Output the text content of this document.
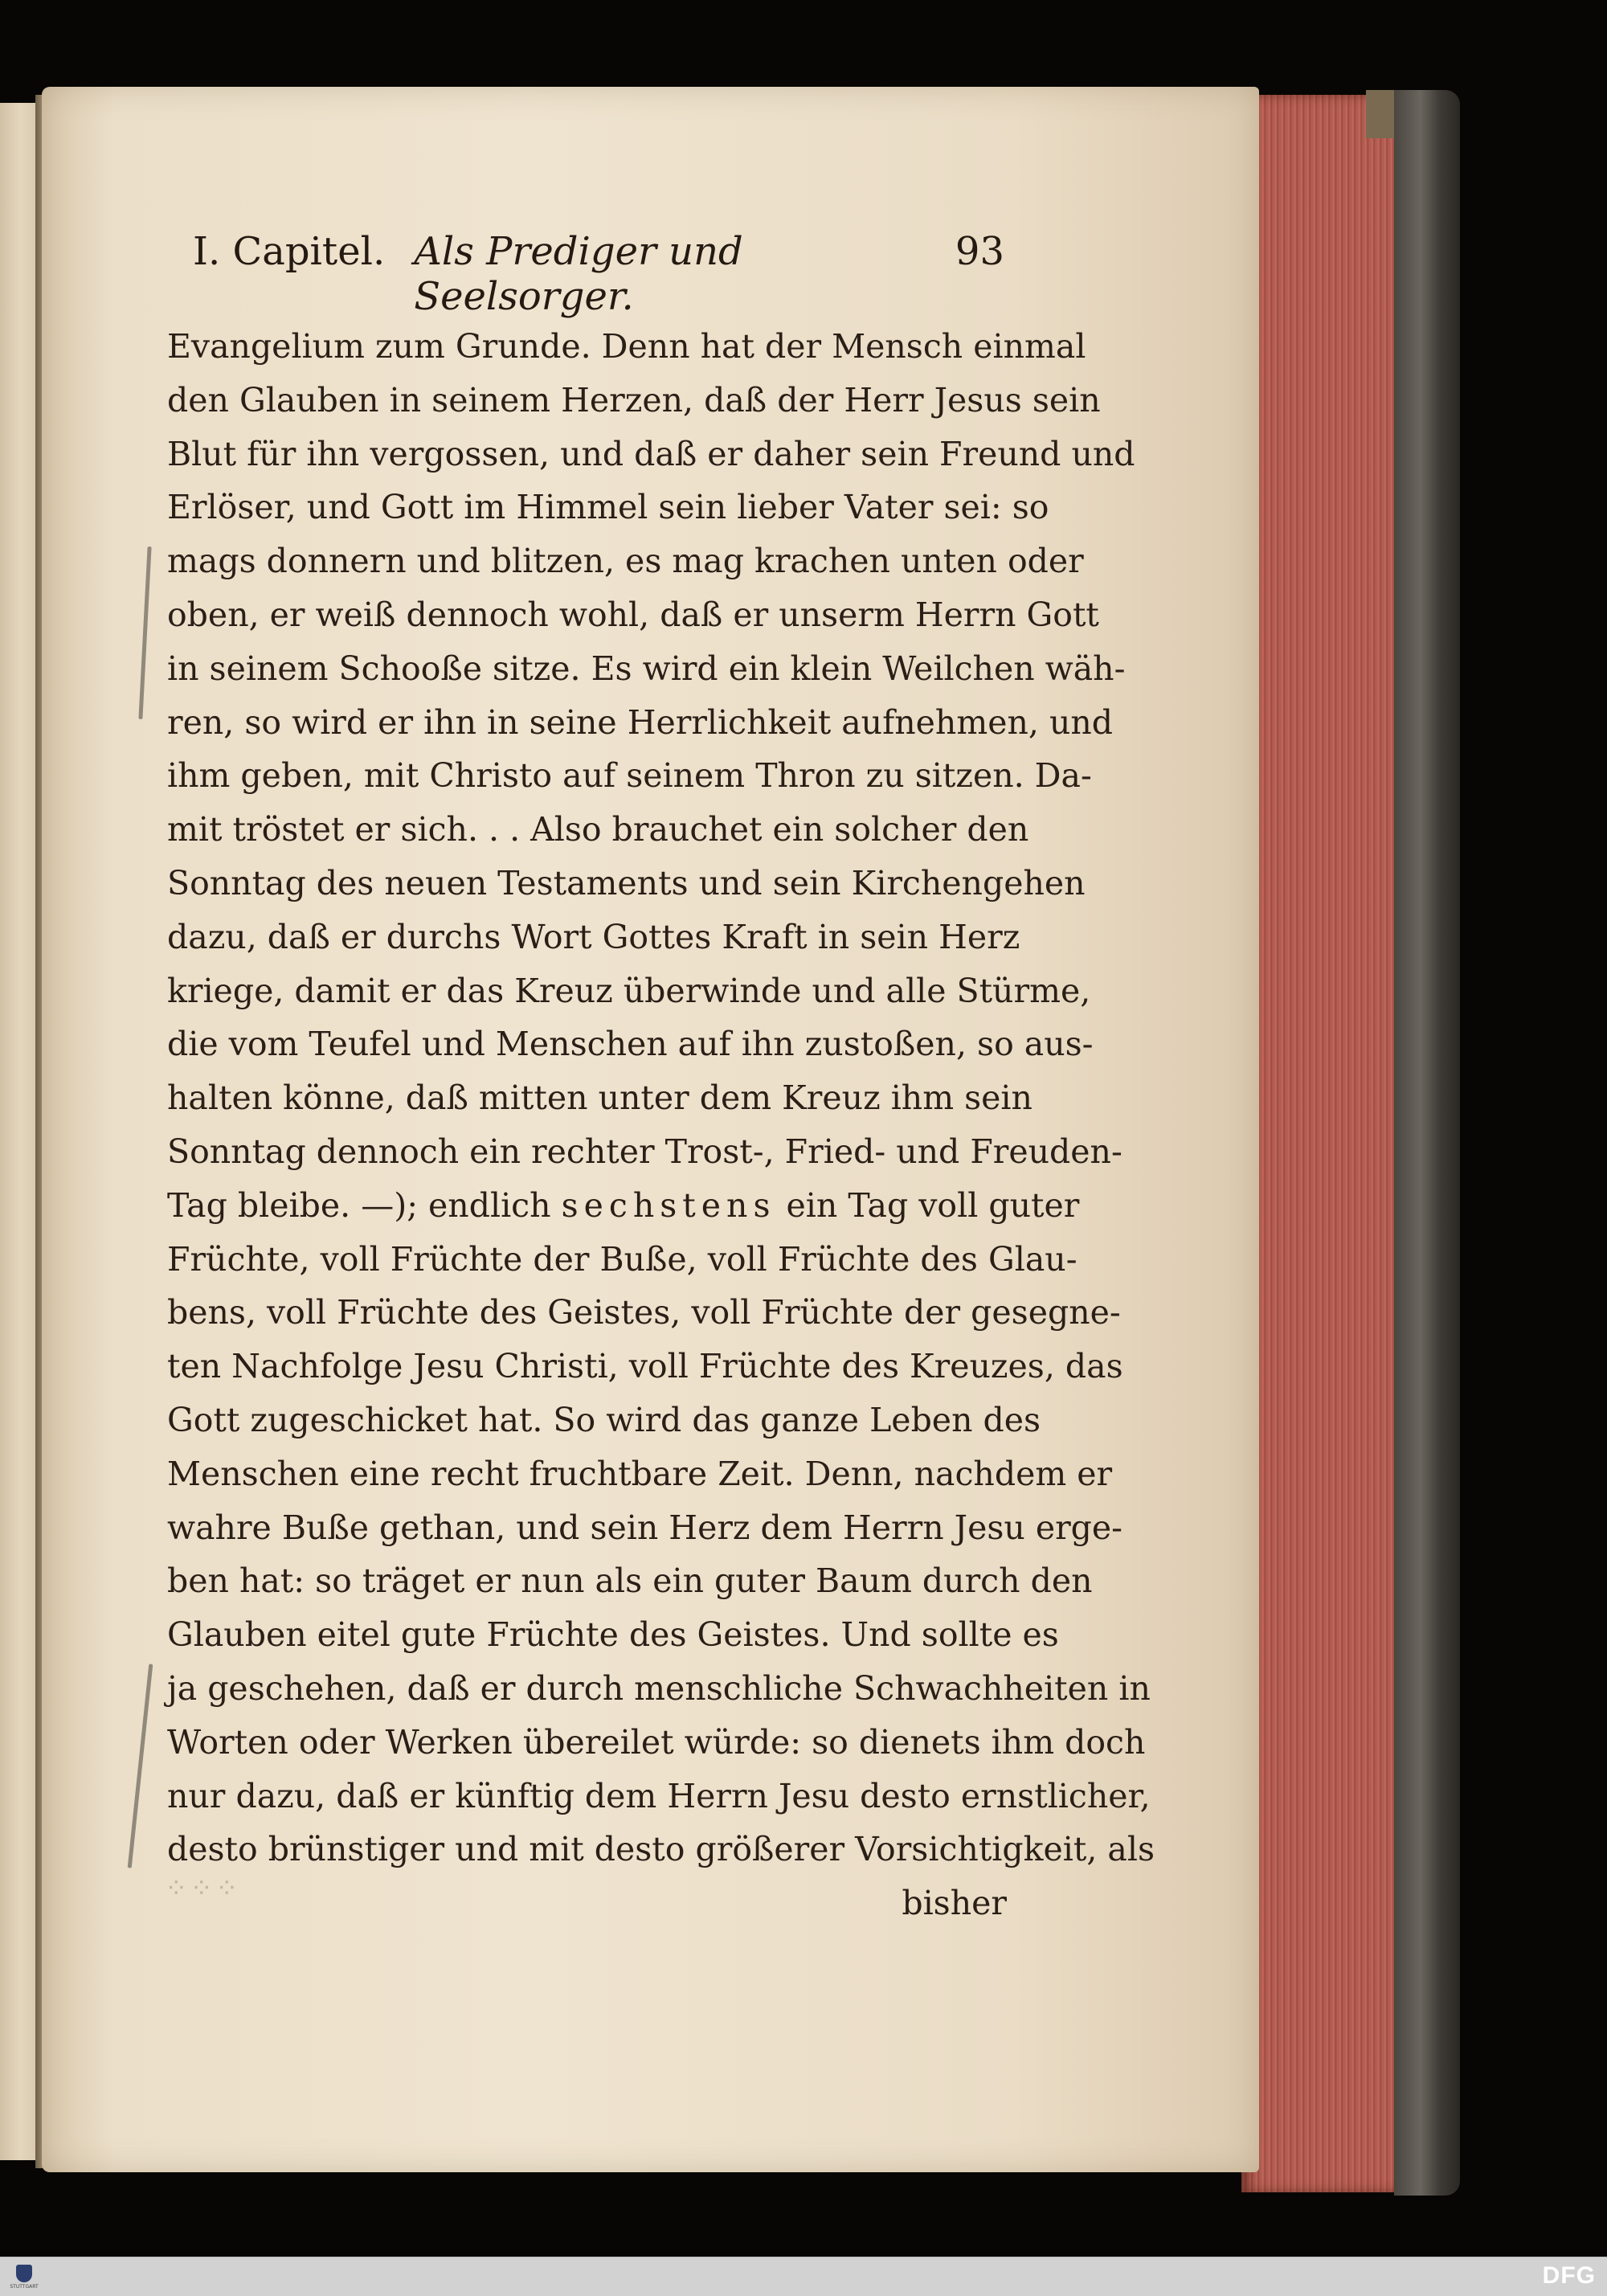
⁘⁘⁘
I. Capitel. Als Prediger und Seelsorger.
93
Evangelium zum Grunde. Denn hat der Mensch einmal
den Glauben in seinem Herzen, daß der Herr Jesus sein
Blut für ihn vergossen, und daß er daher sein Freund und
Erlöser, und Gott im Himmel sein lieber Vater sei: so
mags donnern und blitzen, es mag krachen unten oder
oben, er weiß dennoch wohl, daß er unserm Herrn Gott
in seinem Schooße sitze. Es wird ein klein Weilchen wäh-
ren, so wird er ihn in seine Herrlichkeit aufnehmen, und
ihm geben, mit Christo auf seinem Thron zu sitzen. Da-
mit tröstet er sich. . . Also brauchet ein solcher den
Sonntag des neuen Testaments und sein Kirchengehen
dazu, daß er durchs Wort Gottes Kraft in sein Herz
kriege, damit er das Kreuz überwinde und alle Stürme,
die vom Teufel und Menschen auf ihn zustoßen, so aus-
halten könne, daß mitten unter dem Kreuz ihm sein
Sonntag dennoch ein rechter Trost-, Fried- und Freuden-
Tag bleibe. —); endlich sechstens ein Tag voll guter
Früchte, voll Früchte der Buße, voll Früchte des Glau-
bens, voll Früchte des Geistes, voll Früchte der gesegne-
ten Nachfolge Jesu Christi, voll Früchte des Kreuzes, das
Gott zugeschicket hat. So wird das ganze Leben des
Menschen eine recht fruchtbare Zeit. Denn, nachdem er
wahre Buße gethan, und sein Herz dem Herrn Jesu erge-
ben hat: so träget er nun als ein guter Baum durch den
Glauben eitel gute Früchte des Geistes. Und sollte es
ja geschehen, daß er durch menschliche Schwachheiten in
Worten oder Werken übereilet würde: so dienets ihm doch
nur dazu, daß er künftig dem Herrn Jesu desto ernstlicher,
desto brünstiger und mit desto größerer Vorsichtigkeit, als
bisher
STUTTGART	DFG
